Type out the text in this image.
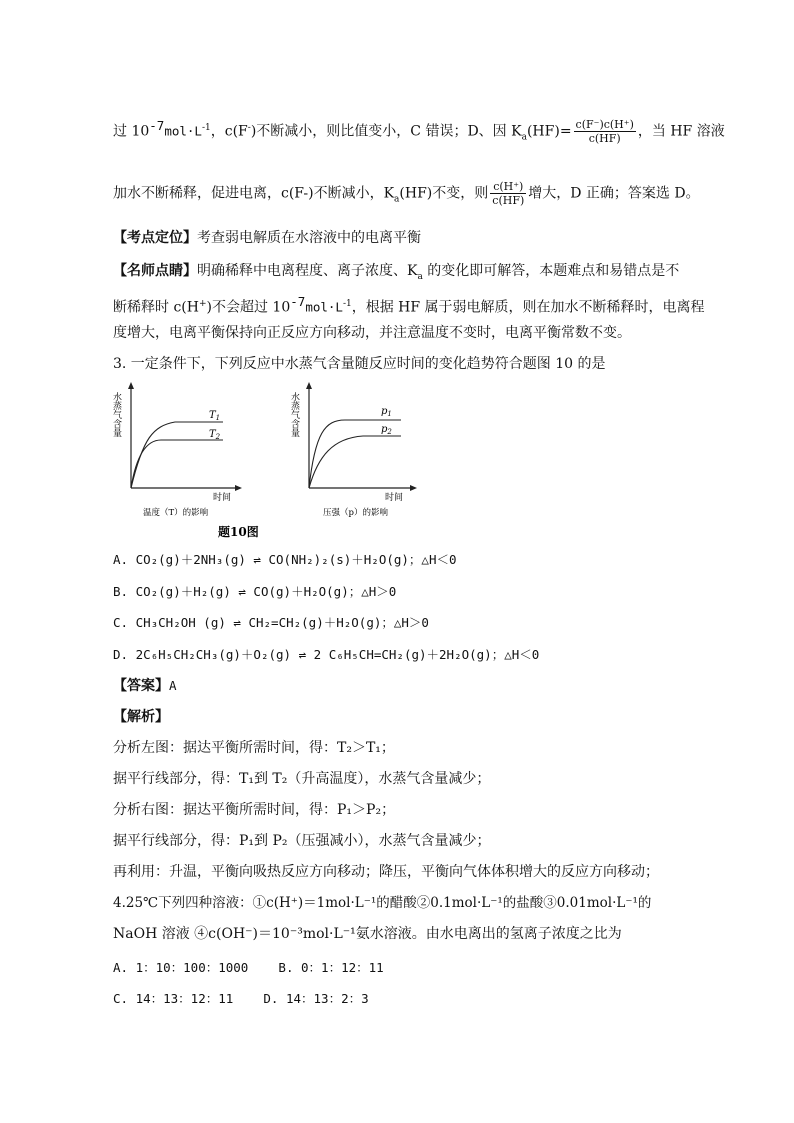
过 $10^{-7}mol\cdot L^{-1}$，c(F-)不断减小，则比值变小，C 错误；D、因 $K_a(HF)= \frac{c(F^-)c(H^+)}{c(HF)}$ ，当 HF 溶液
加水不断稀释，促进电离，c(F-)不断减小，$K_a(HF)$不变，则 $\frac{c(H^+)}{c(HF)}$ 增大，D 正确；答案选 D。
【考点定位】考查弱电解质在水溶液中的电离平衡
【名师点睛】明确稀释中电离程度、离子浓度、$K_a$ 的变化即可解答，本题难点和易错点是不
断稀释时 c(H+)不会超过 $10^{-7}mol\cdot L^{-1}$，根据 HF 属于弱电解质，则在加水不断稀释时，电离程
度增大，电离平衡保持向正反应方向移动，并注意温度不变时，电离平衡常数不变。
3. 一定条件下，下列反应中水蒸气含量随反应时间的变化趋势符合题图 10 的是
水蒸气含量	$T_1$
$T_2$
时间
温度（T）的影响
水蒸气含量	$p_1$
$p_2$
时间
压强（p）的影响
题10图
A. CO₂(g)＋2NH₃(g) ⇌ CO(NH₂)₂(s)＋H₂O(g)；△H＜0
B. CO₂(g)＋H₂(g) ⇌ CO(g)＋H₂O(g)；△H＞0
C. CH₃CH₂OH (g) ⇌ CH₂=CH₂(g)＋H₂O(g)；△H＞0
D. 2C₆H₅CH₂CH₃(g)＋O₂(g) ⇌ 2 C₆H₅CH=CH₂(g)＋2H₂O(g)；△H＜0
【答案】A
【解析】
分析左图：据达平衡所需时间，得：T₂＞T₁；
据平行线部分，得：T₁到 T₂（升高温度），水蒸气含量减少；
分析右图：据达平衡所需时间，得：P₁＞P₂；
据平行线部分，得：P₁到 P₂（压强减小），水蒸气含量减少；
再利用：升温，平衡向吸热反应方向移动；降压，平衡向气体体积增大的反应方向移动；
4.25℃下列四种溶液：①c(H⁺)＝1mol·L⁻¹的醋酸②0.1mol·L⁻¹的盐酸③0.01mol·L⁻¹的
NaOH 溶液 ④c(OH⁻)＝10⁻³mol·L⁻¹氨水溶液。由水电离出的氢离子浓度之比为
A. 1：10：100：1000    B. 0：1：12：11
C. 14：13：12：11    D. 14：13：2：3
